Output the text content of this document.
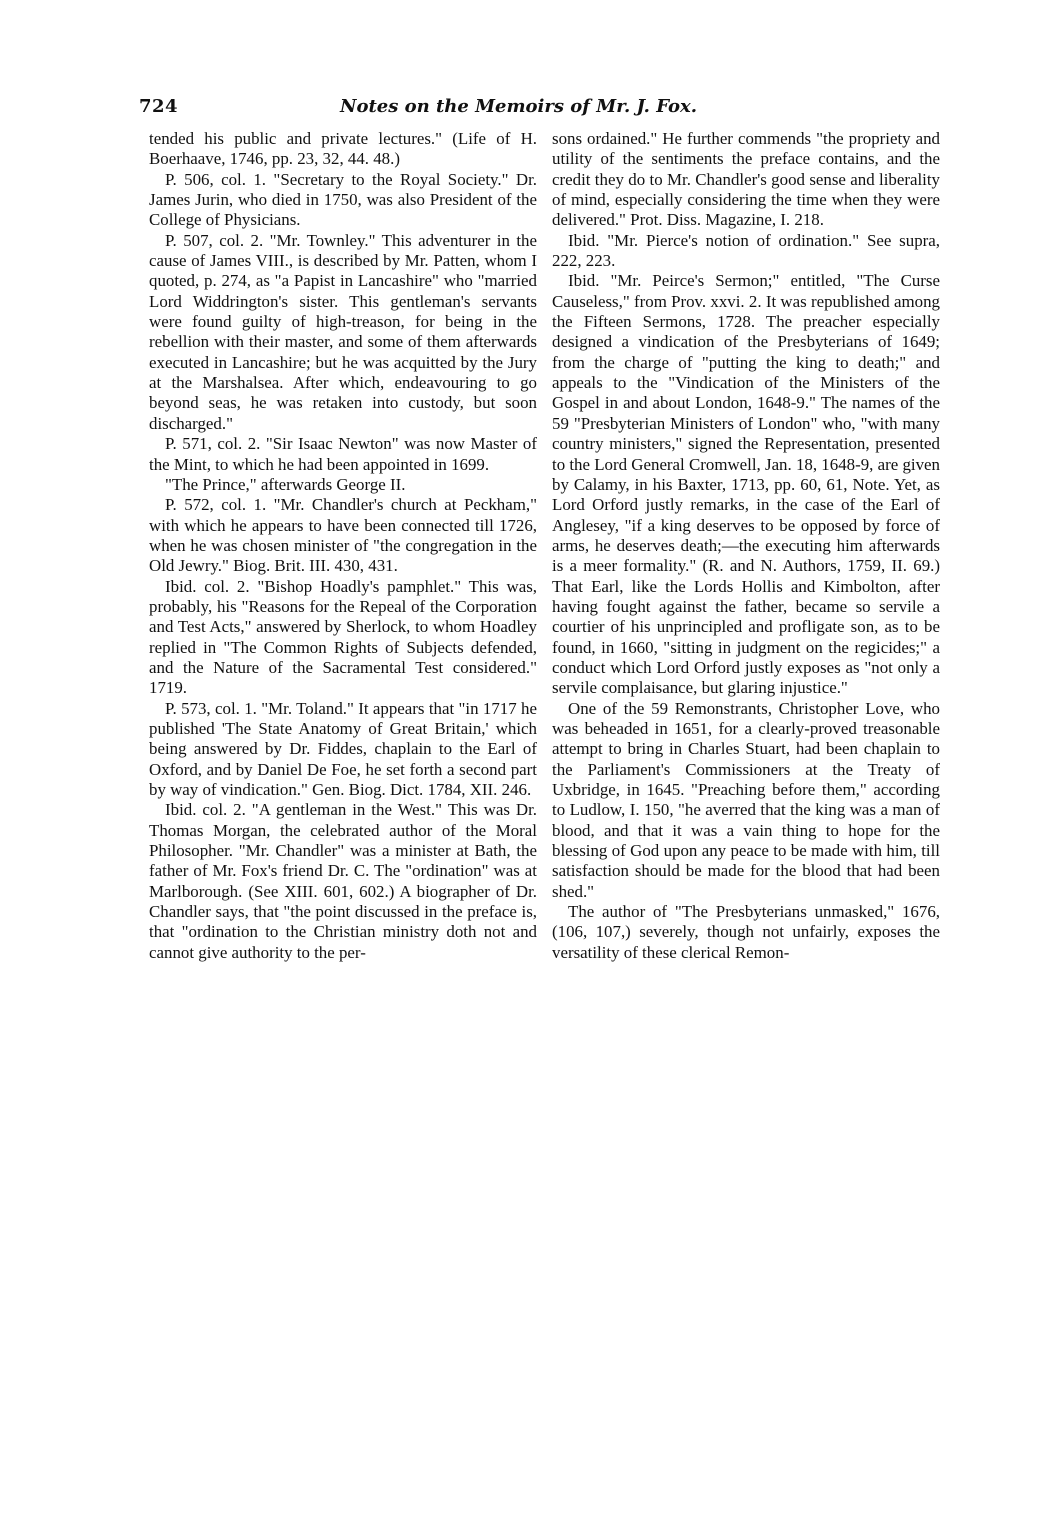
724	Notes on the Memoirs of Mr. J. Fox.

tended his public and private lectures." (Life of H. Boerhaave, 1746, pp. 23, 32, 44. 48.)

P. 506, col. 1. "Secretary to the Royal Society." Dr. James Jurin, who died in 1750, was also President of the College of Physicians.

P. 507, col. 2. "Mr. Townley." This adventurer in the cause of James VIII., is described by Mr. Patten, whom I quoted, p. 274, as "a Papist in Lancashire" who "married Lord Widdrington's sister. This gentleman's servants were found guilty of high-treason, for being in the rebellion with their master, and some of them afterwards executed in Lancashire; but he was acquitted by the Jury at the Marshalsea. After which, endeavouring to go beyond seas, he was retaken into custody, but soon discharged."

P. 571, col. 2. "Sir Isaac Newton" was now Master of the Mint, to which he had been appointed in 1699.

"The Prince," afterwards George II.

P. 572, col. 1. "Mr. Chandler's church at Peckham," with which he appears to have been connected till 1726, when he was chosen minister of "the congregation in the Old Jewry." Biog. Brit. III. 430, 431.

Ibid. col. 2. "Bishop Hoadly's pamphlet." This was, probably, his "Reasons for the Repeal of the Corporation and Test Acts," answered by Sherlock, to whom Hoadley replied in "The Common Rights of Subjects defended, and the Nature of the Sacramental Test considered." 1719.

P. 573, col. 1. "Mr. Toland." It appears that "in 1717 he published 'The State Anatomy of Great Britain,' which being answered by Dr. Fiddes, chaplain to the Earl of Oxford, and by Daniel De Foe, he set forth a second part by way of vindication." Gen. Biog. Dict. 1784, XII. 246.

Ibid. col. 2. "A gentleman in the West." This was Dr. Thomas Morgan, the celebrated author of the Moral Philosopher. "Mr. Chandler" was a minister at Bath, the father of Mr. Fox's friend Dr. C. The "ordination" was at Marlborough. (See XIII. 601, 602.) A biographer of Dr. Chandler says, that "the point discussed in the preface is, that "ordination to the Christian ministry doth not and cannot give authority to the per-

sons ordained." He further commends "the propriety and utility of the sentiments the preface contains, and the credit they do to Mr. Chandler's good sense and liberality of mind, especially considering the time when they were delivered." Prot. Diss. Magazine, I. 218.

Ibid. "Mr. Pierce's notion of ordination." See supra, 222, 223.

Ibid. "Mr. Peirce's Sermon;" entitled, "The Curse Causeless," from Prov. xxvi. 2. It was republished among the Fifteen Sermons, 1728. The preacher especially designed a vindication of the Presbyterians of 1649; from the charge of "putting the king to death;" and appeals to the "Vindication of the Ministers of the Gospel in and about London, 1648-9." The names of the 59 "Presbyterian Ministers of London" who, "with many country ministers," signed the Representation, presented to the Lord General Cromwell, Jan. 18, 1648-9, are given by Calamy, in his Baxter, 1713, pp. 60, 61, Note. Yet, as Lord Orford justly remarks, in the case of the Earl of Anglesey, "if a king deserves to be opposed by force of arms, he deserves death;—the executing him afterwards is a meer formality." (R. and N. Authors, 1759, II. 69.) That Earl, like the Lords Hollis and Kimbolton, after having fought against the father, became so servile a courtier of his unprincipled and profligate son, as to be found, in 1660, "sitting in judgment on the regicides;" a conduct which Lord Orford justly exposes as "not only a servile complaisance, but glaring injustice."

One of the 59 Remonstrants, Christopher Love, who was beheaded in 1651, for a clearly-proved treasonable attempt to bring in Charles Stuart, had been chaplain to the Parliament's Commissioners at the Treaty of Uxbridge, in 1645. "Preaching before them," according to Ludlow, I. 150, "he averred that the king was a man of blood, and that it was a vain thing to hope for the blessing of God upon any peace to be made with him, till satisfaction should be made for the blood that had been shed."

The author of "The Presbyterians unmasked," 1676, (106, 107,) severely, though not unfairly, exposes the versatility of these clerical Remon-
